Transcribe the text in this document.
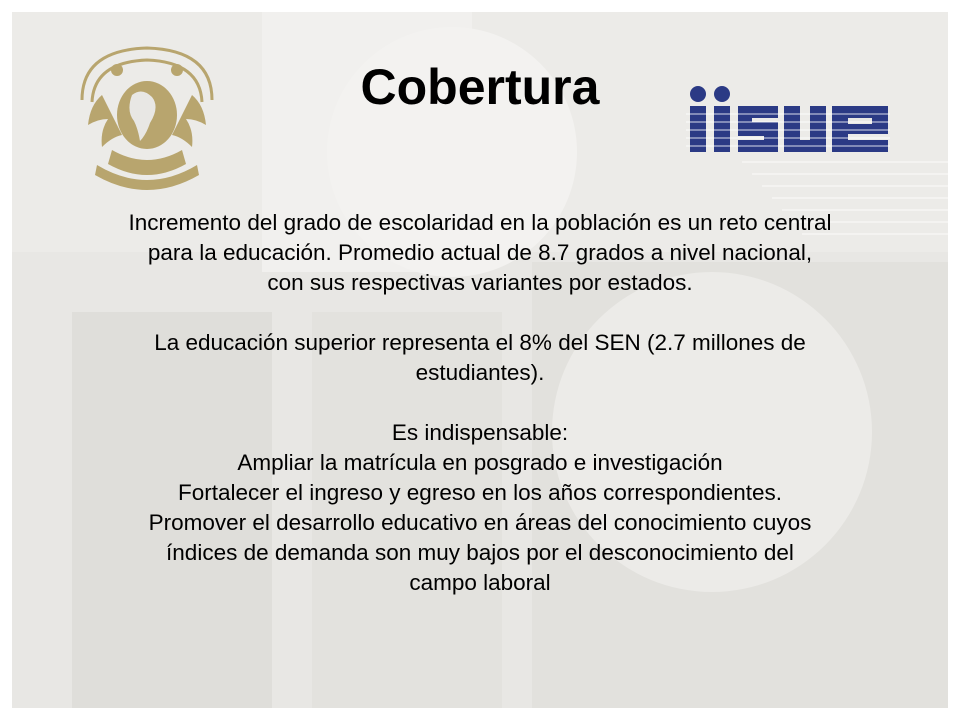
Cobertura

Incremento del grado de escolaridad en la población es un reto central
para la educación. Promedio actual de 8.7 grados a nivel nacional,
con sus respectivas variantes por estados.

La educación superior representa el 8% del SEN (2.7 millones de
estudiantes).

Es indispensable:
Ampliar la matrícula en posgrado e investigación
Fortalecer el ingreso y egreso en los años correspondientes.
Promover el desarrollo educativo en áreas del conocimiento cuyos
índices de demanda son muy bajos por el desconocimiento del
campo laboral
